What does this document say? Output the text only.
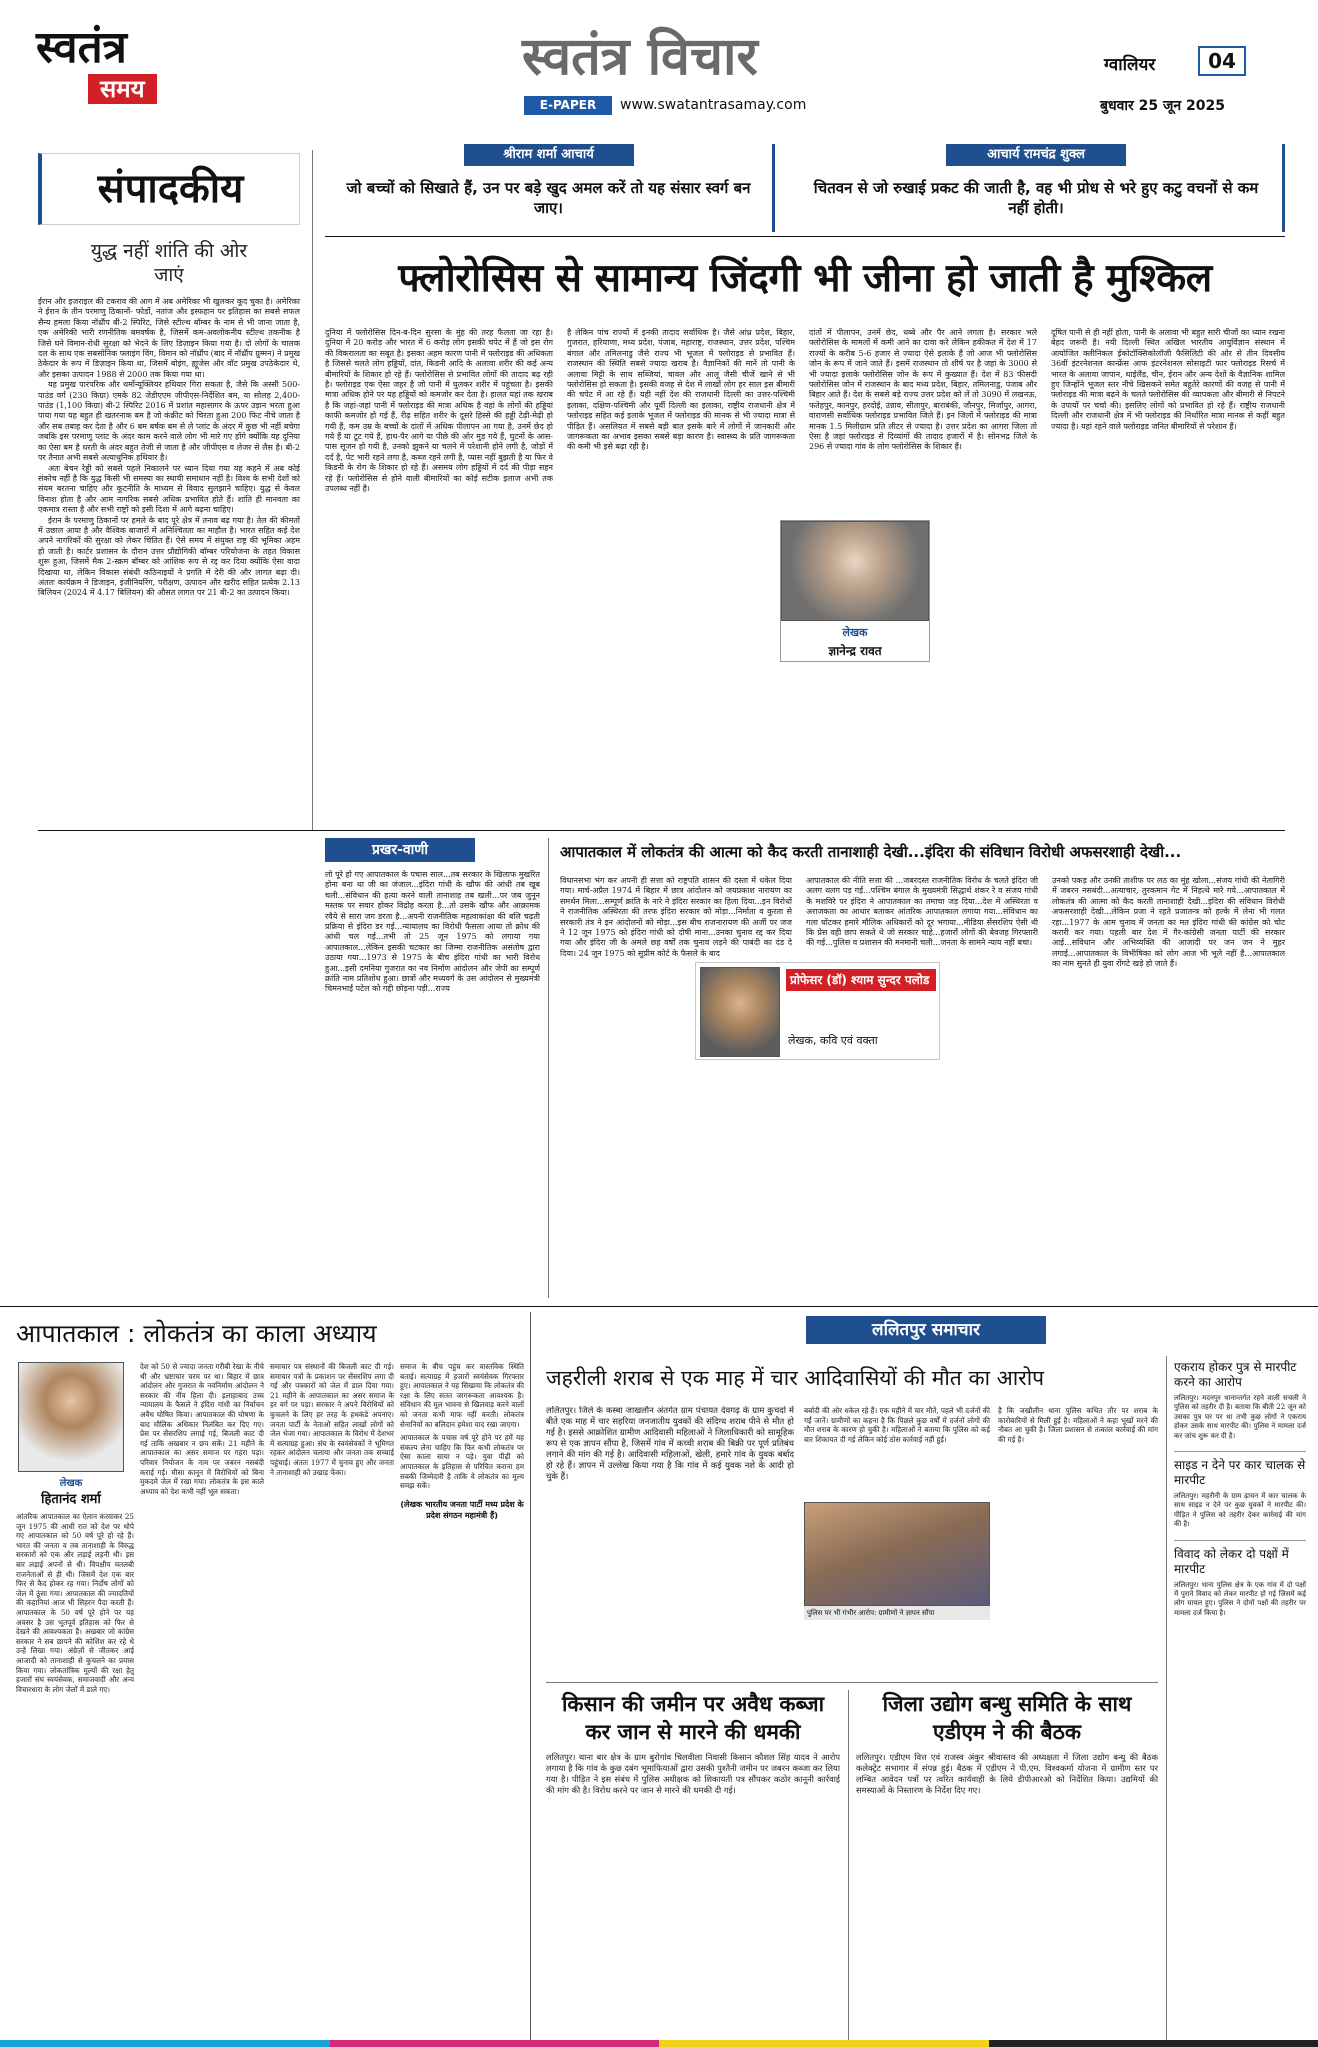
स्वतंत्र
समय
स्वतंत्र विचार
E-PAPER	www.swatantrasamay.com
ग्वालियर	04
बुधवार 25 जून 2025
संपादकीय
युद्ध नहीं शांति की ओर जाएं

ईरान और इजराइल की टकराव की आग में अब अमेरिका भी खुलकर कूद चुका है। अमेरिका ने ईरान के तीन परमाणु ठिकानों- फोर्डो, नतांज और इस्फहान पर इतिहास का सबसे सफल सैन्य हमला किया नॉर्थ्रॉप बी-2 स्पिरिट, जिसे स्टील्थ बॉम्बर के नाम से भी जाना जाता है, एक अमेरिकी भारी रणनीतिक बमवर्षक है, जिसमें कम-अवलोकनीय स्टील्थ तकनीक है जिसे घने विमान-रोधी सुरक्षा को भेदने के लिए डिज़ाइन किया गया है। दो लोगों के चालक दल के साथ एक सबसोनिक फ्लाइंग विंग, विमान को नॉर्थ्रॉप (बाद में नॉर्थ्रॉप ग्रुम्मन) ने प्रमुख ठेकेदार के रूप में डिज़ाइन किया था, जिसमें बोइंग, ह्यूजेस और वॉट प्रमुख उपठेकेदार थे, और इसका उत्पादन 1988 से 2000 तक किया गया था।

यह प्रमुख पारंपरिक और थर्मोन्यूक्लियर हथियार गिरा सकता है, जैसे कि अस्सी 500-पाउंड वर्ग (230 किग्रा) एमके 82 जेडीएएम जीपीएस-निर्देशित बम, या सोलह 2,400-पाउंड (1,100 किग्रा) बी-2 स्पिरिट 2016 में प्रशांत महासागर के ऊपर उड़ान भरता हुआ पाया गया यह बहुत ही खतरनाक बम है जो कंक्रीट को चिरता हुआ 200 फिट नीचे जाता है और सब तबाह कर देता है और 6 बम बर्षक बम से ले प्लांट के अंदर में कुछ भी नहीं बचेगा जबकि इस परमाणु प्लांट के अंदर काम करने वाले लोग भी मारे गए होंगे क्योंकि यह दुनिया का ऐसा बम है धरती के अंदर बहुत तेजी से जाता है और जीपीएस व लेजर से लैस है। बी-2 पर तैनात अभी सबसे अत्याधुनिक हथियार है।

अतः बेचन रेड्डी को सबसे पहले निकालने पर ध्यान दिया गया यह कहने में अब कोई संकोच नहीं है कि युद्ध किसी भी समस्या का स्थायी समाधान नहीं है। विश्व के सभी देशों को संयम बरतना चाहिए और कूटनीति के माध्यम से विवाद सुलझाने चाहिए। युद्ध से केवल विनाश होता है और आम नागरिक सबसे अधिक प्रभावित होते हैं। शांति ही मानवता का एकमात्र रास्ता है और सभी राष्ट्रों को इसी दिशा में आगे बढ़ना चाहिए।

ईरान के परमाणु ठिकानों पर हमले के बाद पूरे क्षेत्र में तनाव बढ़ गया है। तेल की कीमतों में उछाल आया है और वैश्विक बाजारों में अनिश्चितता का माहौल है। भारत सहित कई देश अपने नागरिकों की सुरक्षा को लेकर चिंतित हैं। ऐसे समय में संयुक्त राष्ट्र की भूमिका अहम हो जाती है। कार्टर प्रशासन के दौरान उत्तर प्रौद्योगिकी बॉम्बर परियोजना के तहत विकास शुरू हुआ, जिसमें मैक 2-स्क्रम बॉम्बर को आंशिक रूप से रद्द कर दिया क्योंकि ऐसा वादा दिखाया था, लेकिन विकास संबंधी कठिनाइयों ने प्रगति में देरी की और लागत बढ़ा दी। अंततः कार्यक्रम ने डिजाइन, इंजीनियरिंग, परीक्षण, उत्पादन और खरीद सहित प्रत्येक 2.13 बिलियन (2024 में 4.17 बिलियन) की औसत लागत पर 21 बी-2 का उत्पादन किया।

श्रीराम शर्मा आचार्य
जो बच्चों को सिखाते हैं, उन पर बड़े खुद अमल करें तो यह संसार स्वर्ग बन जाए।
आचार्य रामचंद्र शुक्ल
चितवन से जो रुखाई प्रकट की जाती है, वह भी प्रोध से भरे हुए कटु वचनों से कम नहीं होती।
फ्लोरोसिस से सामान्य जिंदगी भी जीना हो जाती है मुश्किल

दुनिया में फ्लोरोसिस दिन-ब-दिन सुरसा के मुंह की तरह फैलता जा रहा है। दुनिया में 20 करोड़ और भारत में 6 करोड़ लोग इसकी चपेट में हैं जो इस रोग की विकरालता का सबूत है। इसका अहम कारण पानी में फ्लोराइड की अधिकता है जिससे चलते लोग हड्डियों, दांत, किडनी आदि के अलावा शरीर की कई अन्य बीमारियों के शिकार हो रहे हैं। फ्लोरोसिस से प्रभावित लोगों की तादाद बढ़ रही है। फ्लोराइड एक ऐसा जहर है जो पानी में घुलकर शरीर में पहुंचता है। इसकी मात्रा अधिक होने पर यह हड्डियों को कमजोर कर देता है। हालत यहां तक खराब है कि जहां-जहां पानी में फ्लोराइड की मात्रा अधिक है वहां के लोगों की हड्डियां काफी कमजोर हो गई हैं, रीढ़ सहित शरीर के दूसरे हिस्से की हड्डी टेढ़ी-मेढ़ी हो गयी हैं, कम उम्र के बच्चों के दांतों में अधिक पीलापन आ गया है, उनमें छेद हो गये हैं या टूट गये हैं, हाथ-पैर आगे या पीछे की ओर मुड़ गये हैं, घुटनों के आस-पास सूजन हो गयी है, उनको झुकने या चलने में परेशानी होने लगी है, जोड़ों में दर्द है, पेट भारी रहने लगा है, कब्ज रहने लगी है, प्यास नहीं बुझती है या फिर वे किडनी के रोग के शिकार हो रहे हैं। असमय लोग हड्डियों में दर्द की पीड़ा सहन रहे हैं। फ्लोरोसिस से होने वाली बीमारियों का कोई सटीक इलाज अभी तक उपलब्ध नहीं है।

है लेकिन पांच राज्यों में इनकी तादाद सर्वाधिक है। जैसे आंध्र प्रदेश, बिहार, गुजरात, हरियाणा, मध्य प्रदेश, पंजाब, महाराष्ट्र, राजस्थान, उत्तर प्रदेश, पश्चिम बंगाल और तमिलनाडु जैसे राज्य भी भूजल में फ्लोराइड से प्रभावित हैं। राजस्थान की स्थिति सबसे ज्यादा खराब है। वैज्ञानिकों की मानें तो पानी के अलावा मिट्टी के साथ सब्जियां, चावल और आलू जैसी चीजें खाने से भी फ्लोरोसिस हो सकता है। इसकी वजह से देश में लाखों लोग हर साल इस बीमारी की चपेट में आ रहे हैं। यही नहीं देश की राजधानी दिल्ली का उत्तर-पश्चिमी इलाका, दक्षिण-पश्चिमी और पूर्वी दिल्ली का इलाका, राष्ट्रीय राजधानी क्षेत्र में फ्लोराइड सहित कई इलाके भूजल में फ्लोराइड की मानक से भी ज्यादा मात्रा से पीड़ित हैं। असलियत में सबसे बड़ी बात इसके बारे में लोगों में जानकारी और जागरूकता का अभाव इसका सबसे बड़ा कारण है। स्वास्थ्य के प्रति जागरूकता की कमी भी इसे बढ़ा रही है।

दांतों में पीलापन, उनमें छेद, धब्बे और पैर आने लगता है। सरकार भले फ्लोरोसिस के मामलों में कमी आने का दावा करे लेकिन हकीकत में देश में 17 राज्यों के करीब 5-6 हजार से ज्यादा ऐसे इलाके हैं जो आज भी फ्लोरोसिस जोन के रूप में जाने जाते हैं। इसमें राजस्थान तो शीर्ष पर है जहां के 3000 से भी ज्यादा इलाके फ्लोरोसिस जोन के रूप में कुख्यात हैं। देश में 83 फीसदी फ्लोरोसिस जोन में राजस्थान के बाद मध्य प्रदेश, बिहार, तमिलनाडु, पंजाब और बिहार आते हैं। देश के सबसे बड़े राज्य उत्तर प्रदेश को लें तो 3090 में लखनऊ, फतेहपुर, कानपुर, हरदोई, उन्नाव, सीतापुर, बाराबंकी, जौनपुर, मिर्जापुर, आगरा, वाराणसी सर्वाधिक फ्लोराइड प्रभावित जिले हैं। इन जिलों में फ्लोराइड की मात्रा मानक 1.5 मिलीग्राम प्रति लीटर से ज्यादा है। उत्तर प्रदेश का आगरा जिला तो ऐसा है जहां फ्लोराइड से दिव्यांगों की तादाद हजारों में है। सोनभद्र जिले के 296 से ज्यादा गांव के लोग फ्लोरोसिस के शिकार हैं।

दूषित पानी से ही नहीं होता, पानी के अलावा भी बहुत सारी चीजों का ध्यान रखना बेहद जरूरी है। नयी दिल्ली स्थित अखिल भारतीय आयुर्विज्ञान संस्थान में आयोजित क्लीनिकल ईकोटॉक्सिकोलॉजी फैसिलिटी की ओर से तीन दिवसीय 36वीं इंटरनेशनल कान्फ्रेंस आफ इंटरनेशनल सोसाइटी फार फ्लोराइड रिसर्च में भारत के अलावा जापान, थाईलैंड, चीन, ईरान और अन्य देशों के वैज्ञानिक शामिल हुए जिन्होंने भूजल स्तर नीचे खिसकने समेत बहुतेरे कारणों की वजह से पानी में फ्लोराइड की मात्रा बढ़ने के चलते फ्लोरोसिस की व्यापकता और बीमारी से निपटने के उपायों पर चर्चा की। इसलिए लोगों को प्रभावित हो रहे हैं। राष्ट्रीय राजधानी दिल्ली और राजधानी क्षेत्र में भी फ्लोराइड की निर्धारित मात्रा मानक से कहीं बहुत ज्यादा है। यहां रहने वाले फ्लोराइड जनित बीमारियों से परेशान हैं।

लेखक
ज्ञानेन्द्र रावत
प्रखर-वाणी

लो पूरे हो गए आपातकाल के पचास साल...तब सरकार के खिलाफ मुखरित होना बना था जी का जंजाल...इंदिरा गांधी के खौफ की आंधी तब खूब चली...संविधान की हत्या करने वाली तानाशाह तब खली...पर जब जुनून मस्तक पर सवार होकर विद्रोह करता है...तो उसके खौफ और आक्रामक रवैये से सारा जग डरता है...अपनी राजनीतिक महत्वाकांक्षा की बलि चढ़ती प्रक्रिया से इंदिरा डर गई...न्यायालय का विरोधी फैसला आया तो क्रोध की आंधी चल गई...तभी तो 25 जून 1975 को लगाया गया आपातकाल...लेकिन इसकी चटकार का जिम्मा राजनीतिक असंतोष द्वारा उठाया गया...1973 से 1975 के बीच इंदिरा गांधी का भारी विरोध हुआ...इसी दमनिया गुजरात का नव निर्माण आंदोलन और जेपी का सम्पूर्ण क्रांति नाम प्रतिशोध हुआ। छात्रों और मध्यवर्ग के उस आंदोलन से मुख्यमंत्री चिमनभाई पटेल को गद्दी छोड़ना पड़ी...राज्य

आपातकाल में लोकतंत्र की आत्मा को कैद करती तानाशाही देखी...इंदिरा की संविधान विरोधी अफसरशाही देखी...

विधानसभा भंग कर अपनी ही सत्ता को राष्ट्रपति शासन की दस्ता में धकेल दिया गया। मार्च-अप्रैल 1974 में बिहार में छात्र आंदोलन को जयप्रकाश नारायण का समर्थन मिला...सम्पूर्ण क्रांति के नारे ने इंदिरा सरकार का हिला दिया...इन विरोधों ने राजनीतिक अस्थिरता की तरफ इंदिरा सरकार को मोड़ा...निर्माता व कुरता से सरकारी तंत्र ने इन आंदोलनों को मोड़ा...इस बीच राजनारायण की अर्जी पर जज ने 12 जून 1975 को इंदिरा गांधी को दोषी माना...उनका चुनाव रद्द कर दिया गया और इंदिरा जी के अमले छह वर्षों तक चुनाव लड़ने की पाबंदी का दंड दे दिया। 24 जून 1975 को सुप्रीम कोर्ट के फैसले के बाद

आपातकाल की नीति सत्ता की ...जबरदस्त राजनीतिक विरोध के चलते इंदिरा जी अलग थलग पड़ गईं...पश्चिम बंगाल के मुख्यमंत्री सिद्धार्थ शंकर रे व संजय गांधी के मशविरे पर इंदिरा ने आपातकाल का तमाचा जड़ दिया...देश में अस्थिरता व अराजकता का आधार बताकर आंतरिक आपातकाल लगाया गया...संविधान का गला घोंटकर हमारे मौलिक अधिकारों को दूर भगाया...मीडिया सेंसरशिप ऐसी थी कि प्रेस वही छाप सकते थे जो सरकार चाहे...हजारों लोगों की बेवजह गिरफ्तारी की गई...पुलिस व प्रशासन की मनमानी चली...जनता के सामने न्याय नहीं बचा।

उनको पकड़ और उनकी ताशीफ पर लठ का मुंह खोला...संजय गांधी की नेतागिरी में जबरन नसबंदी...अत्याचार, तुरकमान गेट में निहत्थे मारे गये...आपातकाल में लोकतंत्र की आत्मा को कैद करती तानाशाही देखी...इंदिरा की संविधान विरोधी अफसरशाही देखी...लेकिन प्रजा ने रहते प्रजातन्त्र को हल्के में लेना भी गलत रहा...1977 के आम चुनाव में जनता का मत इंदिरा गांधी की कांग्रेस को चोट करारी कर गया। पहली बार देश में गैर-कांग्रेसी जनता पार्टी की सरकार आई...सविधान और अभिव्यक्ति की आजादी पर जन जन ने मुहर लगाई...आपातकाल के विभीषिका को लोग आज भी भूले नहीं हैं...आपातकाल का नाम सुनते ही युवा रोंगटे खड़े हो जाते हैं।

प्रोफेसर (डॉ) श्याम सुन्दर पलोड
लेखक, कवि एवं वक्ता
आपातकाल : लोकतंत्र का काला अध्याय
लेखक
हितानंद शर्मा

आंतरिक आपातकाल का ऐलान करवाकर 25 जून 1975 की आधी रात को देश पर थोपे गए आपातकाल को 50 वर्ष पूरे हो रहे हैं। भारत की जनता व तब तानाशाही के विरुद्ध सरकारों को एक और लड़ाई लड़नी थी। इस बार लड़ाई अपनों से थी। विपक्षीय मतलबी राजनेताओं से ही थी। जिसमें देश एक बार फिर से कैद होकर रह गया। निर्दोष लोगों को जेल में ठूंसा गया। आपातकाल की ज्यादतियों की कहानियां आज भी सिहरन पैदा करती हैं। आपातकाल के 50 वर्ष पूरे होने पर यह अवसर है उस भूतपूर्व इतिहास को फिर से देखने की आवश्यकता है। अखबार जो कांग्रेस सरकार ने सब छापने की कोशिश कर रहे थे उन्हें लिखा गया। अंग्रेज़ों से जीतकर आई आजादी को तानाशाही से कुचलने का प्रयास किया गया। लोकतांत्रिक मूल्यों की रक्षा हेतु हजारों संघ स्वयंसेवक, समाजवादी और अन्य विचारधारा के लोग जेलों में डाले गए।

देश को 50 से ज्यादा जनता गरीबी रेखा के नीचे थी और भ्रष्टाचार चरम पर था। बिहार में छात्र आंदोलन और गुजरात के नवनिर्माण आंदोलन ने सरकार की नींव हिला दी। इलाहाबाद उच्च न्यायालय के फैसले ने इंदिरा गांधी का निर्वाचन अवैध घोषित किया। आपातकाल की घोषणा के बाद मौलिक अधिकार निलंबित कर दिए गए। प्रेस पर सेंसरशिप लगाई गई, बिजली काट दी गई ताकि अखबार न छप सकें। 21 महीने के आपातकाल का असर समाज पर गहरा पड़ा। परिवार नियोजन के नाम पर जबरन नसबंदी कराई गई। मीसा कानून में विरोधियों को बिना मुकदमे जेल में रखा गया। लोकतंत्र के इस काले अध्याय को देश कभी नहीं भूल सकता।

समाचार पत्र संस्थानों की बिजली काट दी गई। समाचार पत्रों के प्रकाशन पर सेंसरशिप लगा दी गई और पत्रकारों को जेल में डाल दिया गया। 21 महीने के आपातकाल का असर समाज के हर वर्ग पर पड़ा। सरकार ने अपने विरोधियों को कुचलने के लिए हर तरह के हथकंडे अपनाए। जनता पार्टी के नेताओं सहित लाखों लोगों को जेल भेजा गया। आपातकाल के विरोध में देशभर में सत्याग्रह हुआ। संघ के स्वयंसेवकों ने भूमिगत रहकर आंदोलन चलाया और जनता तक सच्चाई पहुंचाई। अंततः 1977 में चुनाव हुए और जनता ने तानाशाही को उखाड़ फेंका।

समाज के बीच पहुंच कर वास्तविक स्थिति बताई। सत्याग्रह में हजारों स्वयंसेवक गिरफ्तार हुए। आपातकाल ने यह सिखाया कि लोकतंत्र की रक्षा के लिए सतत जागरूकता आवश्यक है। संविधान की मूल भावना से खिलवाड़ करने वालों को जनता कभी माफ नहीं करती। लोकतंत्र सेनानियों का बलिदान हमेशा याद रखा जाएगा।

आपातकाल के पचास वर्ष पूरे होने पर हमें यह संकल्प लेना चाहिए कि फिर कभी लोकतंत्र पर ऐसा काला साया न पड़े। युवा पीढ़ी को आपातकाल के इतिहास से परिचित कराना हम सबकी जिम्मेदारी है ताकि वे लोकतंत्र का मूल्य समझ सकें।

(लेखक भारतीय जनता पार्टी मध्य प्रदेश के प्रदेश संगठन महामंत्री हैं)

ललितपुर समाचार
जहरीली शराब से एक माह में चार आदिवासियों की मौत का आरोप

ललितपुर। जिले के कस्बा जाखलौन अंतर्गत ग्राम पंचायत देवगढ़ के ग्राम कुचदो में बीते एक माह में चार सहरिया जनजातीय युवकों की संदिग्ध शराब पीने से मौत हो गई है। इससे आक्रोशित ग्रामीण आदिवासी महिलाओं ने जिलाधिकारी को सामूहिक रूप से एक ज्ञापन सौंपा है, जिसमें गांव में कच्ची शराब की बिक्री पर पूर्ण प्रतिबंध लगाने की मांग की गई है। आदिवासी महिलाओं, खेली, हमारे गांव के युवक बर्बाद हो रहे हैं। ज्ञापन में उल्लेख किया गया है कि गांव में कई युवक नशे के आदी हो चुके हैं।

बर्बादी की ओर धकेल रहे हैं। एक महीने में चार मौतें, पहले भी दर्जनों की गईं जानें। ग्रामीणों का कहना है कि पिछले कुछ वर्षों में दर्जनों लोगों की मौत शराब के कारण हो चुकी है। महिलाओं ने बताया कि पुलिस को कई बार शिकायत दी गई लेकिन कोई ठोस कार्रवाई नहीं हुई।

है कि जखौलीन थाना पुलिस कथित तौर पर शराब के कारोबारियों से मिली हुई है। महिलाओं ने कहा भूखों मरने की नौबत आ चुकी है। जिला प्रशासन से तत्काल कार्रवाई की मांग की गई है।

पुलिस पर भी गंभीर आरोप: ग्रामीणों ने ज्ञापन सौंपा
किसान की जमीन पर अवैध कब्जा कर जान से मारने की धमकी

ललितपुर। थाना बार क्षेत्र के ग्राम बुरोगांव चिलवीला निवासी किसान कौशल सिंह यादव ने आरोप लगाया है कि गांव के कुछ दबंग भूमाफियाओं द्वारा उसकी पुश्तैनी जमीन पर जबरन कब्जा कर लिया गया है। पीड़ित ने इस संबंध में पुलिस अधीक्षक को शिकायती पत्र सौंपकर कठोर कानूनी कार्रवाई की मांग की है। विरोध करने पर जान से मारने की धमकी दी गई।

जिला उद्योग बन्धु समिति के साथ एडीएम ने की बैठक

ललितपुर। एडीएम वित्त एवं राजस्व अंकुर श्रीवास्तव की अध्यक्षता में जिला उद्योग बन्धु की बैठक कलेक्ट्रेट सभागार में संपन्न हुई। बैठक में एडीएम ने पी.एम. विश्वकर्मा योजना में ग्रामीण स्तर पर लम्बित आवेदन पत्रों पर त्वरित कार्यवाही के लिये डीपीआरओ को निर्देशित किया। उद्यमियों की समस्याओं के निस्तारण के निर्देश दिए गए।

एकराय होकर पुत्र से मारपीट करने का आरोप

ललितपुर। मदनपुर थानान्तर्गत रहने वाली सचली ने पुलिस को तहरीर दी है। बताया कि बीती 22 जून को उसका पुत्र घर पर था तभी कुछ लोगों ने एकराय होकर उसके साथ मारपीट की। पुलिस ने मामला दर्ज कर जांच शुरू कर दी है।

साइड न देने पर कार चालक से मारपीट

ललितपुर। महरौनी के ग्राम ढ़ाचन में कार चालक के साथ साइड न देने पर कुछ युवकों ने मारपीट की। पीड़ित ने पुलिस को तहरीर देकर कार्रवाई की मांग की है।

विवाद को लेकर दो पक्षों में मारपीट

ललितपुर। थाना पुलिस क्षेत्र के एक गांव में दो पक्षों में पुराने विवाद को लेकर मारपीट हो गई जिसमें कई लोग घायल हुए। पुलिस ने दोनों पक्षों की तहरीर पर मामला दर्ज किया है।
